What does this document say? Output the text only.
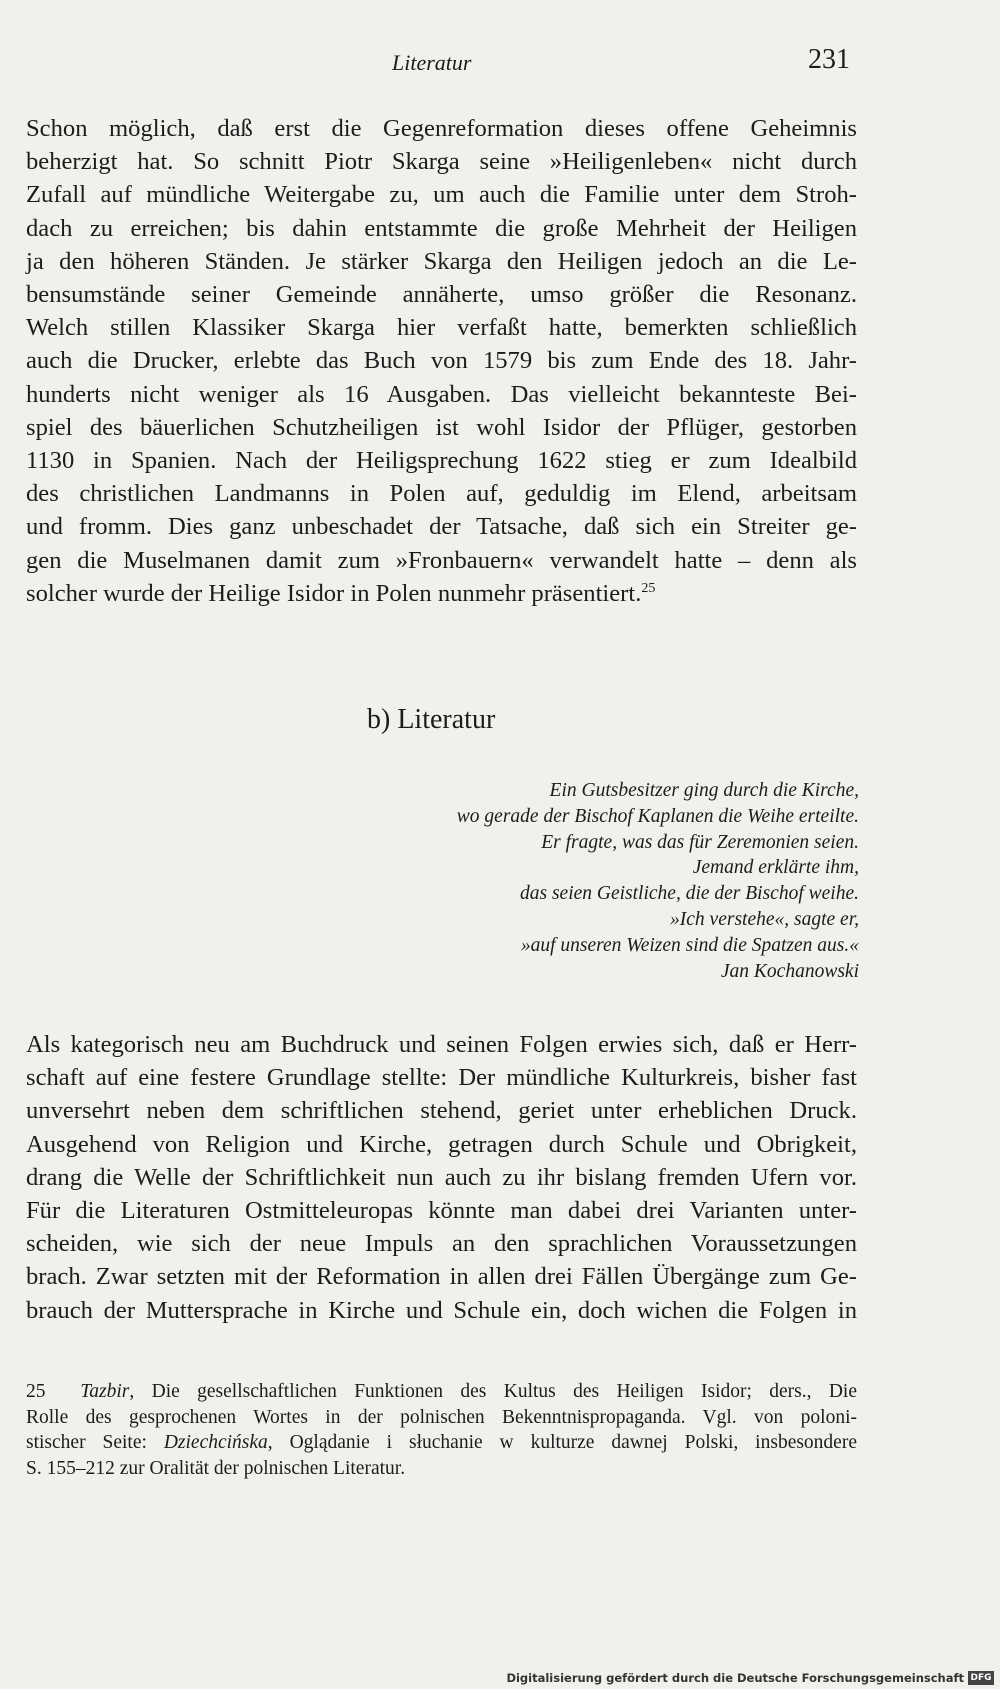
Literatur	231
Schon möglich, daß erst die Gegenreformation dieses offene Geheimnis
beherzigt hat. So schnitt Piotr Skarga seine »Heiligenleben« nicht durch
Zufall auf mündliche Weitergabe zu, um auch die Familie unter dem Stroh-
dach zu erreichen; bis dahin entstammte die große Mehrheit der Heiligen
ja den höheren Ständen. Je stärker Skarga den Heiligen jedoch an die Le-
bensumstände seiner Gemeinde annäherte, umso größer die Resonanz.
Welch stillen Klassiker Skarga hier verfaßt hatte, bemerkten schließlich
auch die Drucker, erlebte das Buch von 1579 bis zum Ende des 18. Jahr-
hunderts nicht weniger als 16 Ausgaben. Das vielleicht bekannteste Bei-
spiel des bäuerlichen Schutzheiligen ist wohl Isidor der Pflüger, gestorben
1130 in Spanien. Nach der Heiligsprechung 1622 stieg er zum Idealbild
des christlichen Landmanns in Polen auf, geduldig im Elend, arbeitsam
und fromm. Dies ganz unbeschadet der Tatsache, daß sich ein Streiter ge-
gen die Muselmanen damit zum »Fronbauern« verwandelt hatte – denn als
solcher wurde der Heilige Isidor in Polen nunmehr präsentiert.$^{25}$
b) Literatur
Ein Gutsbesitzer ging durch die Kirche,
wo gerade der Bischof Kaplanen die Weihe erteilte.
Er fragte, was das für Zeremonien seien.
Jemand erklärte ihm,
das seien Geistliche, die der Bischof weihe.
»Ich verstehe«, sagte er,
»auf unseren Weizen sind die Spatzen aus.«
Jan Kochanowski
Als kategorisch neu am Buchdruck und seinen Folgen erwies sich, daß er Herr-
schaft auf eine festere Grundlage stellte: Der mündliche Kulturkreis, bisher fast
unversehrt neben dem schriftlichen stehend, geriet unter erheblichen Druck.
Ausgehend von Religion und Kirche, getragen durch Schule und Obrigkeit,
drang die Welle der Schriftlichkeit nun auch zu ihr bislang fremden Ufern vor.
Für die Literaturen Ostmitteleuropas könnte man dabei drei Varianten unter-
scheiden, wie sich der neue Impuls an den sprachlichen Voraussetzungen
brach. Zwar setzten mit der Reformation in allen drei Fällen Übergänge zum Ge-
brauch der Muttersprache in Kirche und Schule ein, doch wichen die Folgen in
25 Tazbir, Die gesellschaftlichen Funktionen des Kultus des Heiligen Isidor; ders., Die
Rolle des gesprochenen Wortes in der polnischen Bekenntnispropaganda. Vgl. von poloni-
stischer Seite: Dziechcińska, Oglądanie i słuchanie w kulturze dawnej Polski, insbesondere
S. 155–212 zur Oralität der polnischen Literatur.
Digitalisierung gefördert durch die Deutsche Forschungsgemeinschaft DFG
